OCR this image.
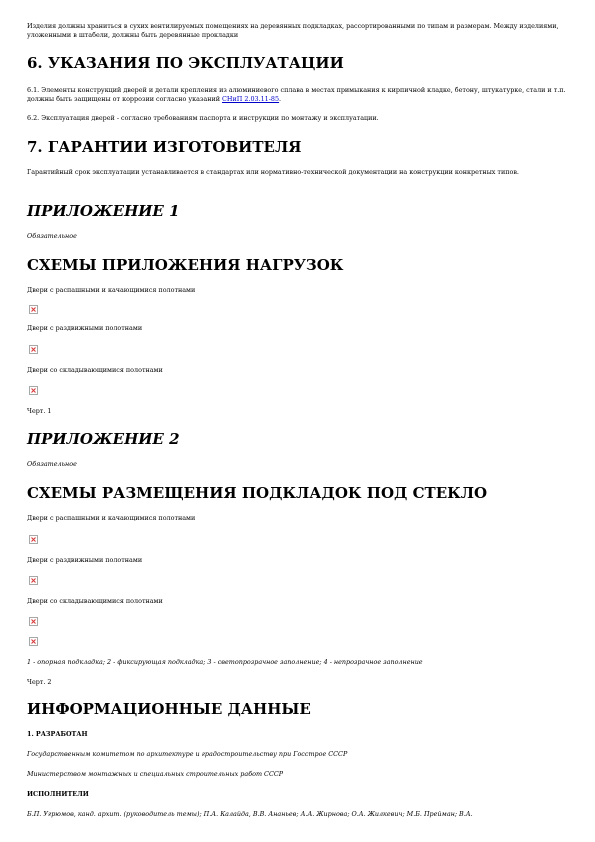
Изделия должны храниться в сухих вентилируемых помещениях на деревянных подкладках, рассортированными по типам и размерам. Между изделиями, уложенными в штабели, должны быть деревянные прокладки

6. УКАЗАНИЯ ПО ЭКСПЛУАТАЦИИ

6.1. Элементы конструкций дверей и детали крепления из алюминиевого сплава в местах примыкания к кирпичной кладке, бетону, штукатурке, стали и т.п. должны быть защищены от коррозии согласно указаний СНиП 2.03.11-85.

6.2. Эксплуатация дверей - согласно требованиям паспорта и инструкции по монтажу и эксплуатации.

7. ГАРАНТИИ ИЗГОТОВИТЕЛЯ

Гарантийный срок эксплуатации устанавливается в стандартах или нормативно-технической документации на конструкции конкретных типов.

ПРИЛОЖЕНИЕ 1

Обязательное

СХЕМЫ ПРИЛОЖЕНИЯ НАГРУЗОК

Двери с распашными и качающимися полотнами

Двери с раздвижными полотнами

Двери со складывающимися полотнами

Черт. 1

ПРИЛОЖЕНИЕ 2

Обязательное

СХЕМЫ РАЗМЕЩЕНИЯ ПОДКЛАДОК ПОД СТЕКЛО

Двери с распашными и качающимися полотнами

Двери с раздвижными полотнами

Двери со складывающимися полотнами

1 - опорная подкладка; 2 - фиксирующая подкладка; 3 - светопрозрачное заполнение; 4 - непрозрачное заполнение

Черт. 2

ИНФОРМАЦИОННЫЕ ДАННЫЕ

1. РАЗРАБОТАН

Государственным комитетом по архитектуре и градостроительству при Госстрое СССР

Министерством монтажных и специальных строительных работ СССР

ИСПОЛНИТЕЛИ

Б.П. Угрюмов, канд. архит. (руководитель темы); П.А. Калайда, В.В. Ананьев; А.А. Жирнова; О.А. Жилкевич; М.Б. Прейман; В.А.
